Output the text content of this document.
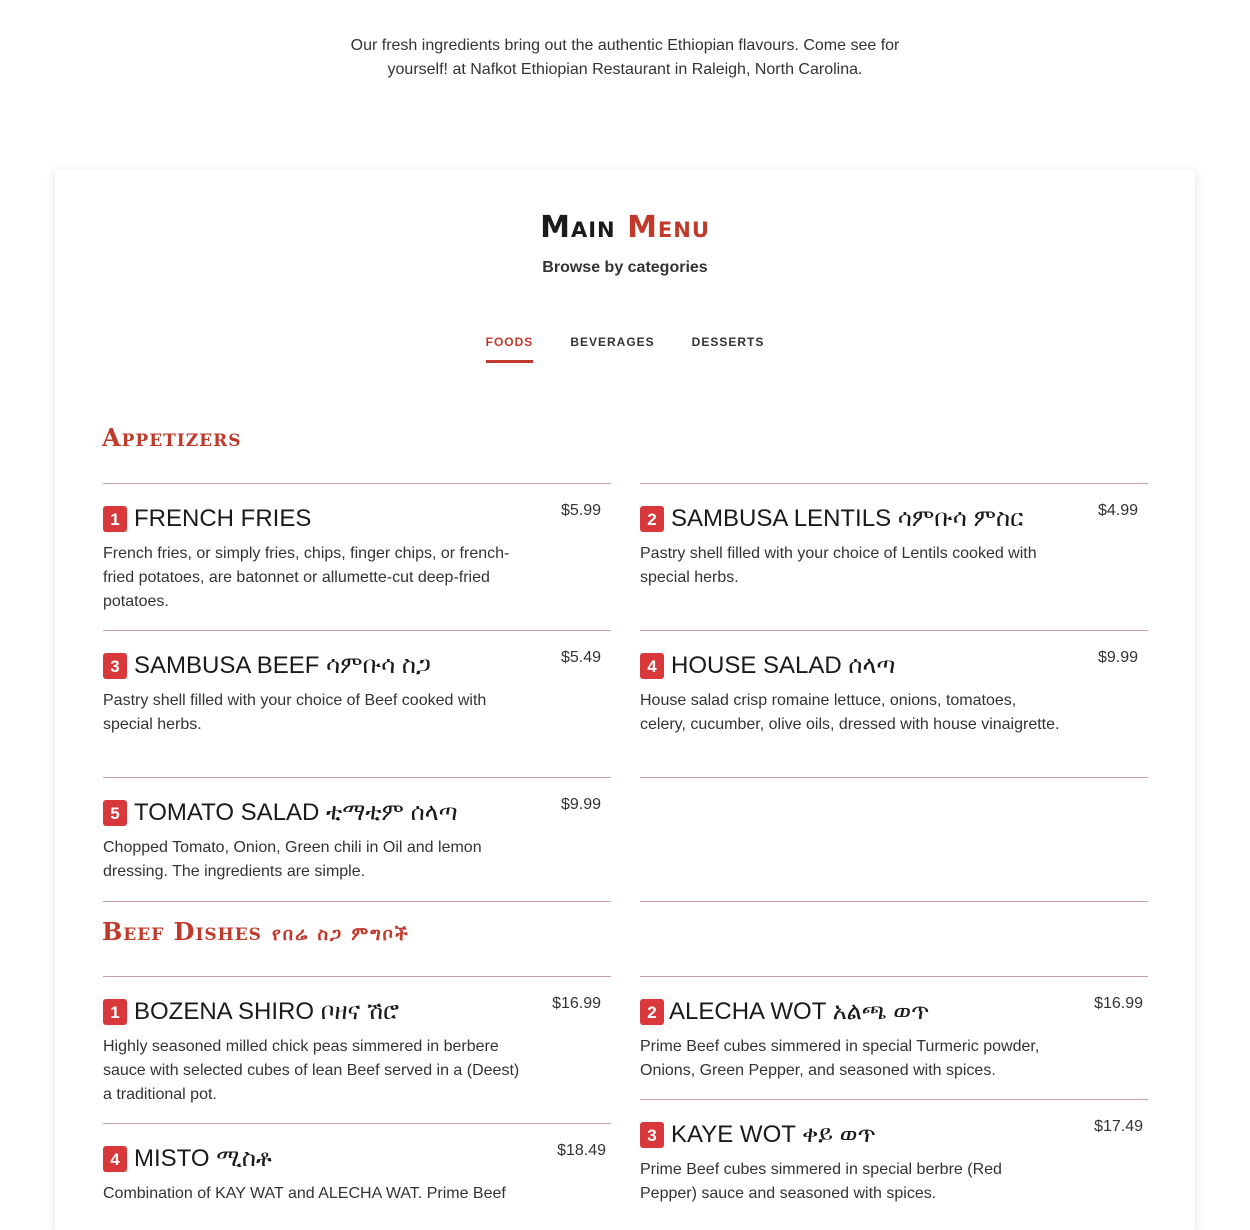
Our fresh ingredients bring out the authentic Ethiopian flavours. Come see for yourself! at Nafkot Ethiopian Restaurant in Raleigh, North Carolina.

Main Menu
Browse by categories
FOODS	BEVERAGES	DESSERTS
Appetizers
1 FRENCH FRIES	$5.99
French fries, or simply fries, chips, finger chips, or french-fried potatoes, are batonnet or allumette-cut deep-fried potatoes.
2 SAMBUSA LENTILS ሳምቡሳ ምስር	$4.99
Pastry shell filled with your choice of Lentils cooked with special herbs.
3 SAMBUSA BEEF ሳምቡሳ ስጋ	$5.49
Pastry shell filled with your choice of Beef cooked with special herbs.
4 HOUSE SALAD ሰላጣ	$9.99
House salad crisp romaine lettuce, onions, tomatoes, celery, cucumber, olive oils, dressed with house vinaigrette.
5 TOMATO SALAD ቲማቲም ሰላጣ	$9.99
Chopped Tomato, Onion, Green chili in Oil and lemon dressing. The ingredients are simple.
Beef Dishes የበሬ ስጋ ምግቦች
1 BOZENA SHIRO ቦዘና ሽሮ	$16.99
Highly seasoned milled chick peas simmered in berbere sauce with selected cubes of lean Beef served in a (Deest) a traditional pot.
2 ALECHA WOT አልጫ ወጥ	$16.99
Prime Beef cubes simmered in special Turmeric powder, Onions, Green Pepper, and seasoned with spices.
3 KAYE WOT ቀይ ወጥ	$17.49
Prime Beef cubes simmered in special berbre (Red Pepper) sauce and seasoned with spices.
4 MISTO ሚስቶ	$18.49
Combination of KAY WAT and ALECHA WAT. Prime Beef
